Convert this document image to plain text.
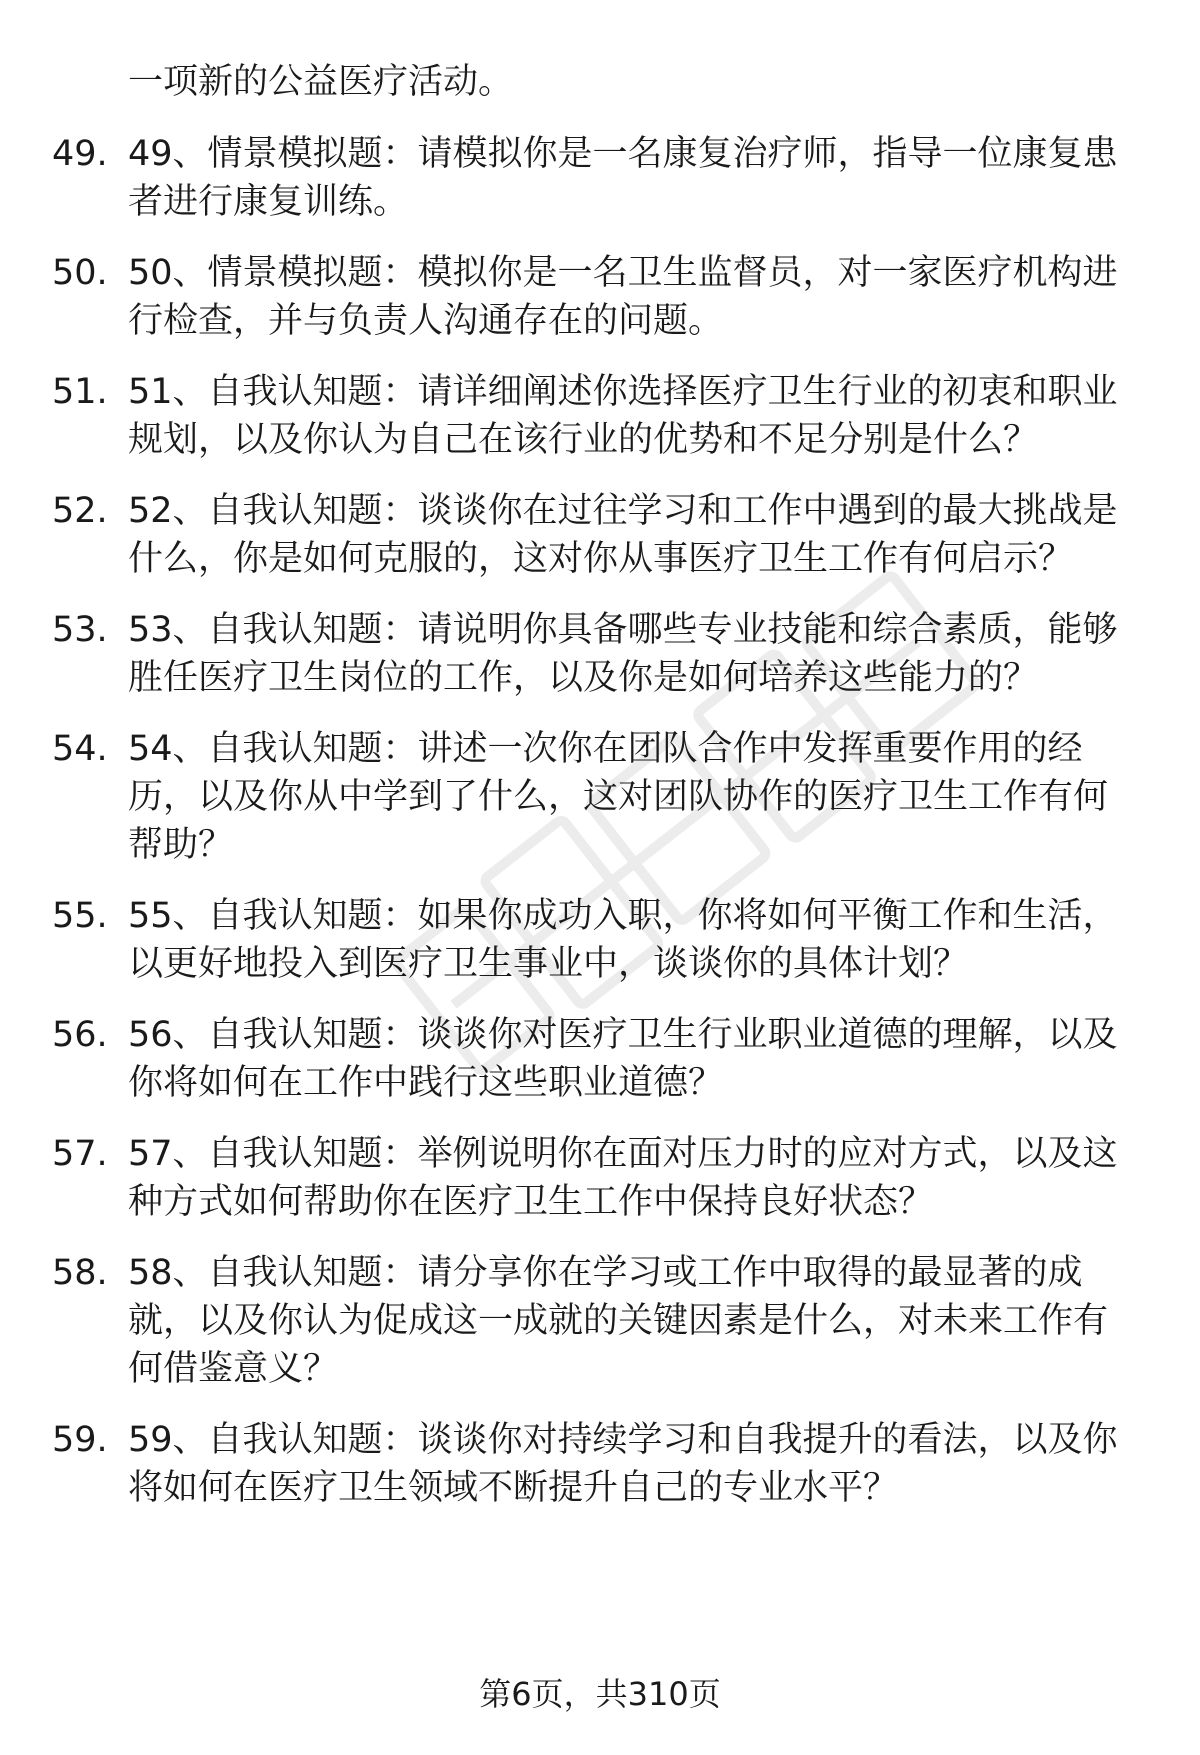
一项新的公益医疗活动。
49. 49、情景模拟题：请模拟你是一名康复治疗师，指导一位康复患
者进行康复训练。
50. 50、情景模拟题：模拟你是一名卫生监督员，对一家医疗机构进
行检查，并与负责人沟通存在的问题。
51. 51、自我认知题：请详细阐述你选择医疗卫生行业的初衷和职业
规划，以及你认为自己在该行业的优势和不足分别是什么？
52. 52、自我认知题：谈谈你在过往学习和工作中遇到的最大挑战是
什么，你是如何克服的，这对你从事医疗卫生工作有何启示？
53. 53、自我认知题：请说明你具备哪些专业技能和综合素质，能够
胜任医疗卫生岗位的工作，以及你是如何培养这些能力的？
54. 54、自我认知题：讲述一次你在团队合作中发挥重要作用的经
历，以及你从中学到了什么，这对团队协作的医疗卫生工作有何
帮助？
55. 55、自我认知题：如果你成功入职，你将如何平衡工作和生活，
以更好地投入到医疗卫生事业中，谈谈你的具体计划？
56. 56、自我认知题：谈谈你对医疗卫生行业职业道德的理解，以及
你将如何在工作中践行这些职业道德？
57. 57、自我认知题：举例说明你在面对压力时的应对方式，以及这
种方式如何帮助你在医疗卫生工作中保持良好状态？
58. 58、自我认知题：请分享你在学习或工作中取得的最显著的成
就，以及你认为促成这一成就的关键因素是什么，对未来工作有
何借鉴意义？
59. 59、自我认知题：谈谈你对持续学习和自我提升的看法，以及你
将如何在医疗卫生领域不断提升自己的专业水平？
第6页，共310页
